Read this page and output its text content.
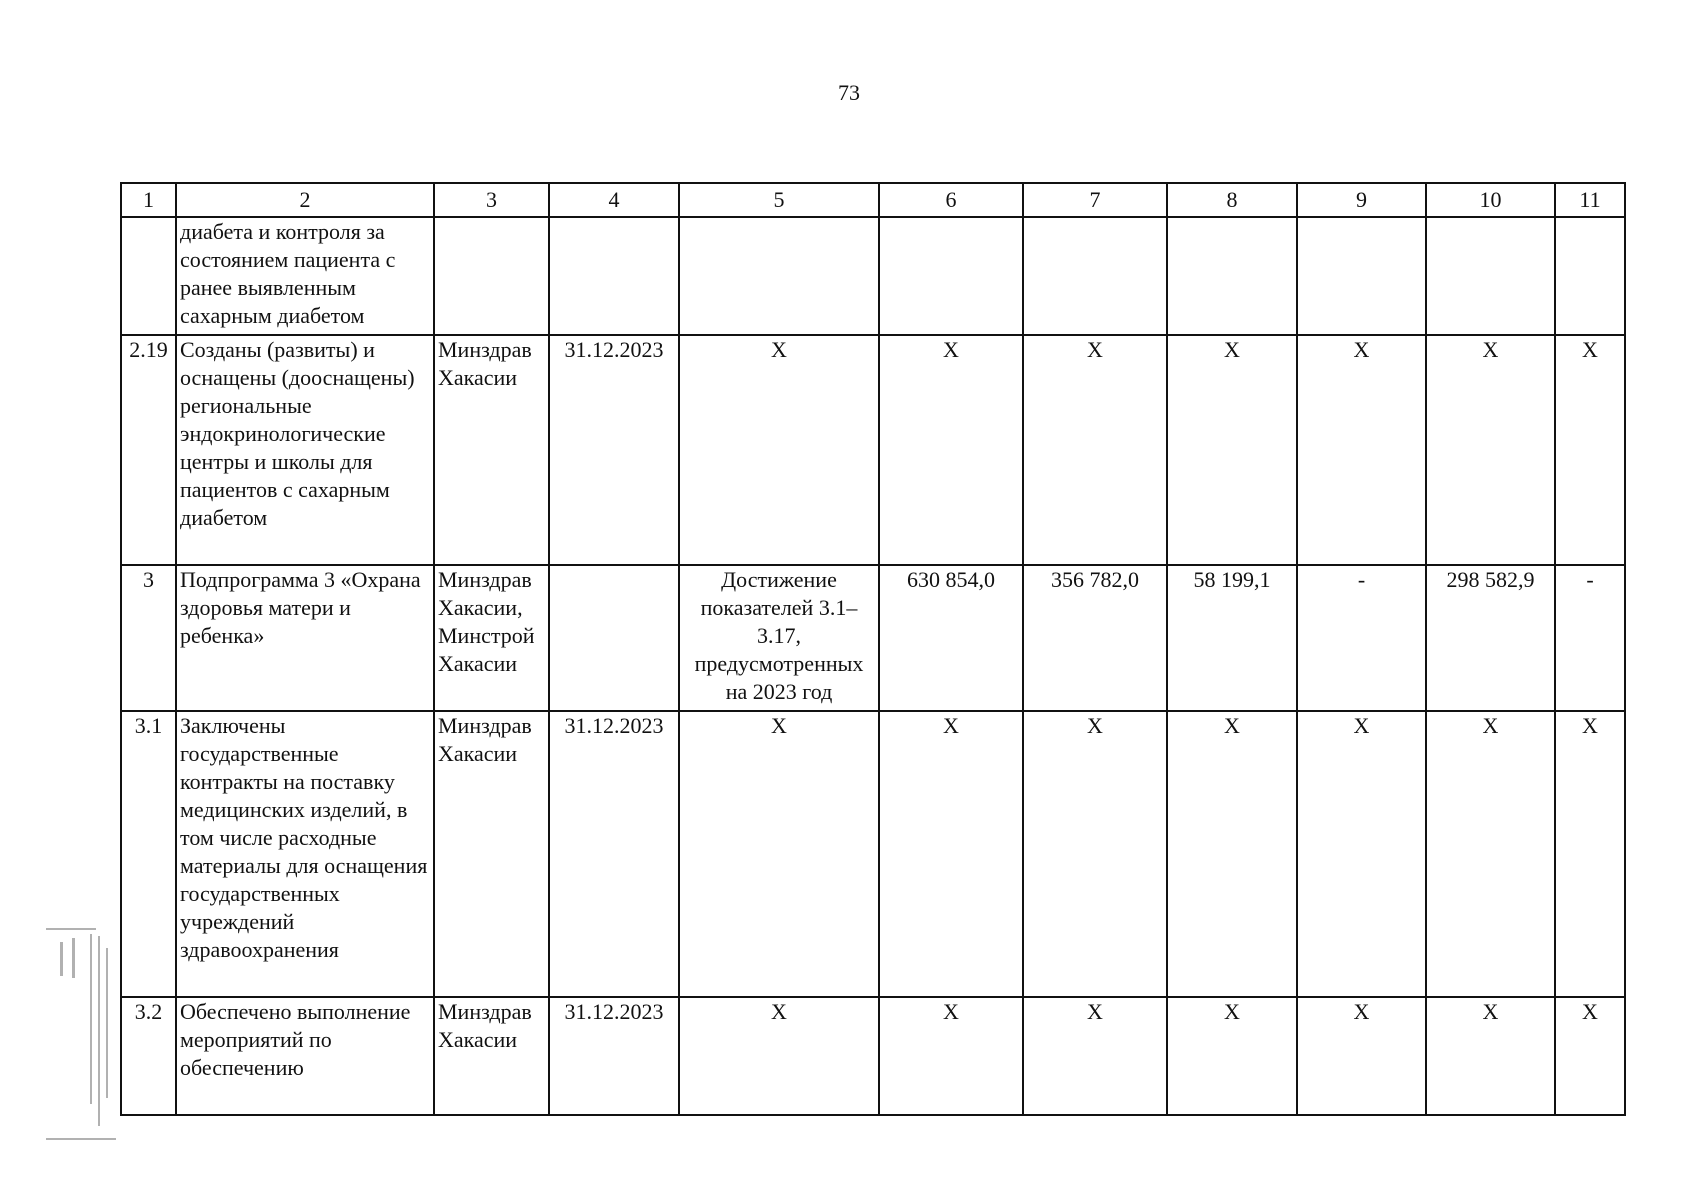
73
1	2	3	4	5	6	7	8	9	10	11
	диабета и контроля за состоянием пациента с ранее выявленным сахарным диабетом									
2.19	Созданы (развиты) и оснащены (дооснащены) региональные эндокринологические центры и школы для пациентов с сахарным диабетом	Минздрав Хакасии	31.12.2023	X	X	X	X	X	X	X
3	Подпрограмма 3 «Охрана здоровья матери и ребенка»	Минздрав Хакасии, Минстрой Хакасии		Достижение показателей 3.1–3.17, предусмотренных на 2023 год	630 854,0	356 782,0	58 199,1	-	298 582,9	-
3.1	Заключены государственные контракты на поставку медицинских изделий, в том числе расходные материалы для оснащения государственных учреждений здравоохранения	Минздрав Хакасии	31.12.2023	X	X	X	X	X	X	X
3.2	Обеспечено выполнение мероприятий по обеспечению	Минздрав Хакасии	31.12.2023	X	X	X	X	X	X	X
